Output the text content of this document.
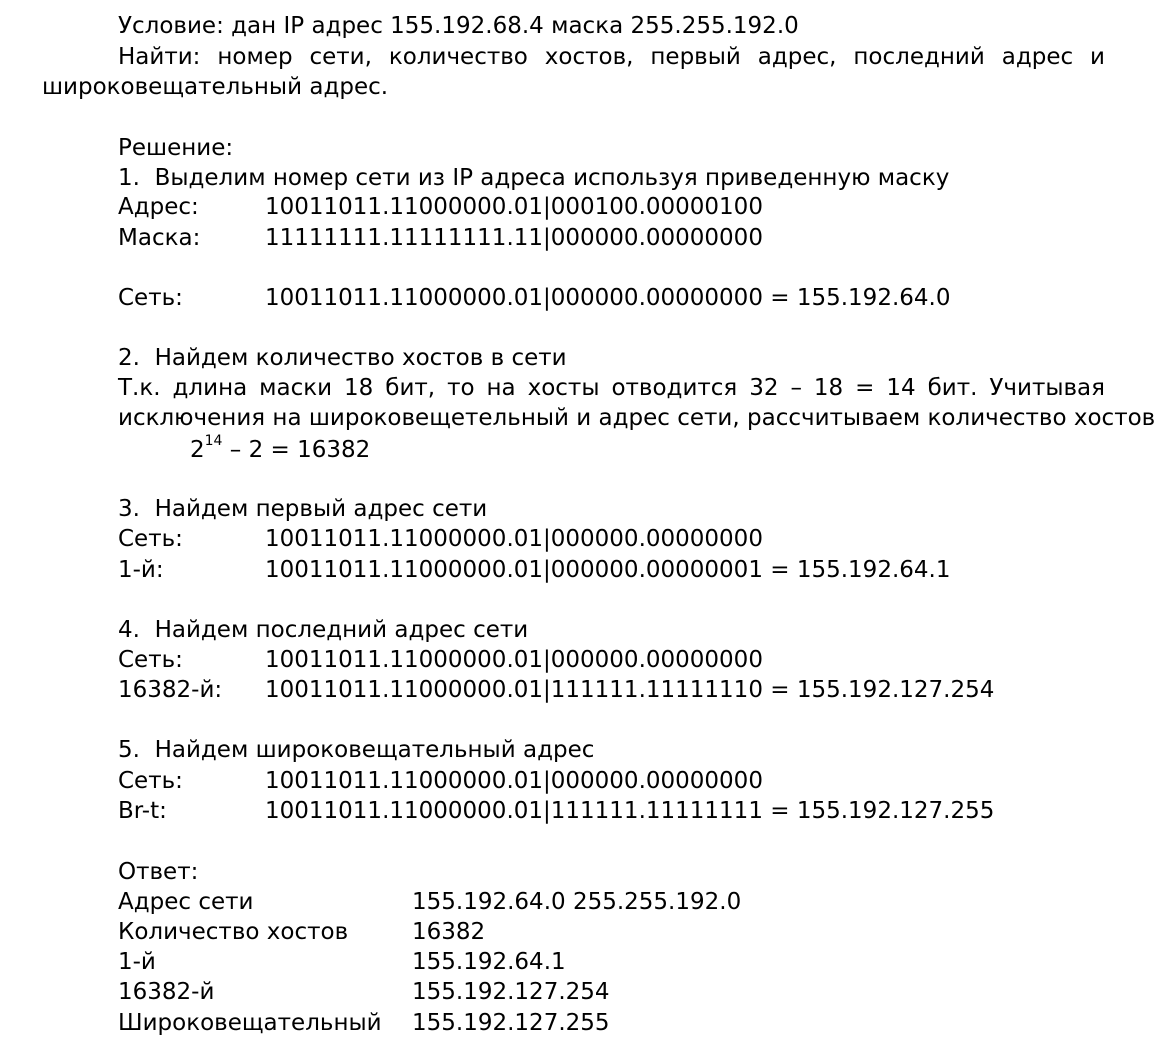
Условие: дан IP адрес 155.192.68.4 маска 255.255.192.0
Найти: номер сети, количество хостов, первый адрес, последний адрес и
широковещательный адрес.
Решение:
1.  Выделим номер сети из IP адреса используя приведенную маску
Адрес:	10011011.11000000.01|000100.00000100
Маска:	11111111.11111111.11|000000.00000000
Сеть:	10011011.11000000.01|000000.00000000 = 155.192.64.0
2.  Найдем количество хостов в сети
Т.к. длина маски 18 бит, то на хосты отводится 32 – 18 = 14 бит. Учитывая
исключения на широковещетельный и адрес сети, рассчитываем количество хостов
$2^{14} - 2 = 16382$
3.  Найдем первый адрес сети
Сеть:	10011011.11000000.01|000000.00000000
1-й:	10011011.11000000.01|000000.00000001 = 155.192.64.1
4.  Найдем последний адрес сети
Сеть:	10011011.11000000.01|000000.00000000
16382-й: 10011011.11000000.01|111111.11111110 = 155.192.127.254
5.  Найдем широковещательный адрес
Сеть:	10011011.11000000.01|000000.00000000
Br-t:	10011011.11000000.01|111111.11111111 = 155.192.127.255
Ответ:
Адрес сети	155.192.64.0 255.255.192.0
Количество хостов	16382
1-й	155.192.64.1
16382-й	155.192.127.254
Широковещательный 155.192.127.255
